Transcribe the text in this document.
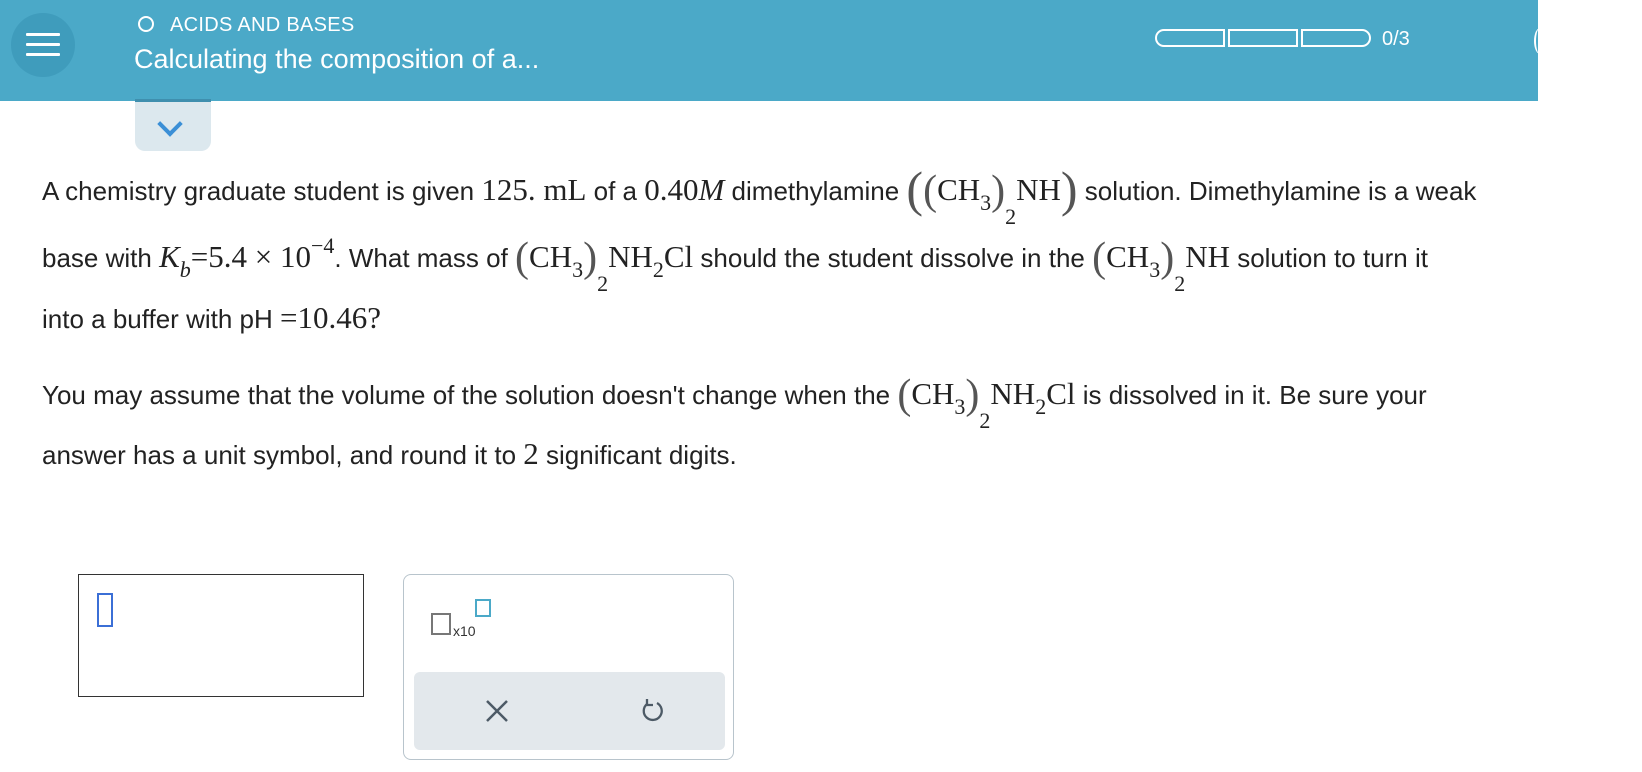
ACIDS AND BASES
Calculating the composition of a...
0/3
A chemistry graduate student is given 125. mL of a 0.40M dimethylamine $((CH_3)_2NH)$ solution. Dimethylamine is a weak
base with $K_b=5.4 \times 10^{-4}$. What mass of $(CH_3)_2NH_2Cl$ should the student dissolve in the $(CH_3)_2NH$ solution to turn it
into a buffer with pH =10.46?
You may assume that the volume of the solution doesn't change when the $(CH_3)_2NH_2Cl$ is dissolved in it. Be sure your
answer has a unit symbol, and round it to 2 significant digits.
x10
